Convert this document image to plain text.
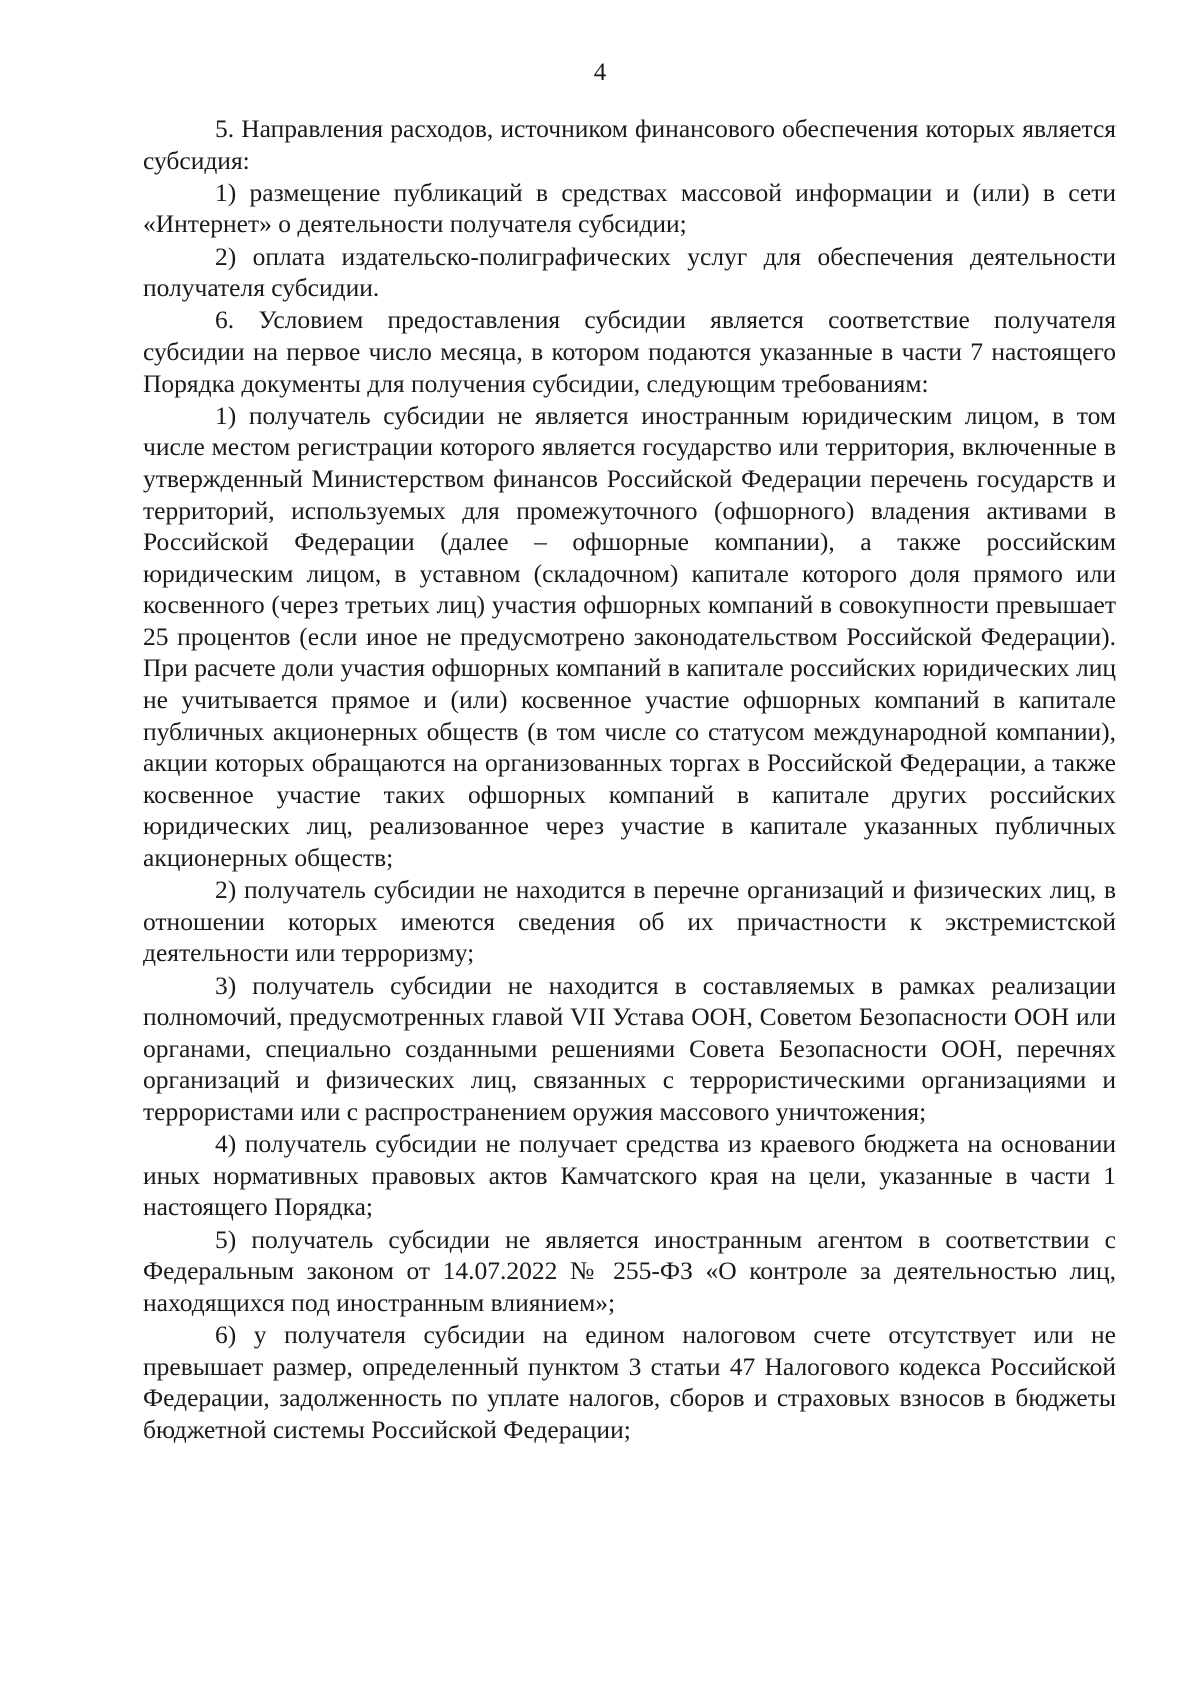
4

5. Направления расходов, источником финансового обеспечения которых является субсидия:

1) размещение публикаций в средствах массовой информации и (или) в сети «Интернет» о деятельности получателя субсидии;

2) оплата издательско-полиграфических услуг для обеспечения деятельности получателя субсидии.

6. Условием предоставления субсидии является соответствие получателя субсидии на первое число месяца, в котором подаются указанные в части 7 настоящего Порядка документы для получения субсидии, следующим требованиям:

1) получатель субсидии не является иностранным юридическим лицом, в том числе местом регистрации которого является государство или территория, включенные в утвержденный Министерством финансов Российской Федерации перечень государств и территорий, используемых для промежуточного (офшорного) владения активами в Российской Федерации (далее – офшорные компании), а также российским юридическим лицом, в уставном (складочном) капитале которого доля прямого или косвенного (через третьих лиц) участия офшорных компаний в совокупности превышает 25 процентов (если иное не предусмотрено законодательством Российской Федерации). При расчете доли участия офшорных компаний в капитале российских юридических лиц не учитывается прямое и (или) косвенное участие офшорных компаний в капитале публичных акционерных обществ (в том числе со статусом международной компании), акции которых обращаются на организованных торгах в Российской Федерации, а также косвенное участие таких офшорных компаний в капитале других российских юридических лиц, реализованное через участие в капитале указанных публичных акционерных обществ;

2) получатель субсидии не находится в перечне организаций и физических лиц, в отношении которых имеются сведения об их причастности к экстремистской деятельности или терроризму;

3) получатель субсидии не находится в составляемых в рамках реализации полномочий, предусмотренных главой VII Устава ООН, Советом Безопасности ООН или органами, специально созданными решениями Совета Безопасности ООН, перечнях организаций и физических лиц, связанных с террористическими организациями и террористами или с распространением оружия массового уничтожения;

4) получатель субсидии не получает средства из краевого бюджета на основании иных нормативных правовых актов Камчатского края на цели, указанные в части 1 настоящего Порядка;

5) получатель субсидии не является иностранным агентом в соответствии с Федеральным законом от 14.07.2022 № 255-ФЗ «О контроле за деятельностью лиц, находящихся под иностранным влиянием»;

6) у получателя субсидии на едином налоговом счете отсутствует или не превышает размер, определенный пунктом 3 статьи 47 Налогового кодекса Российской Федерации, задолженность по уплате налогов, сборов и страховых взносов в бюджеты бюджетной системы Российской Федерации;
